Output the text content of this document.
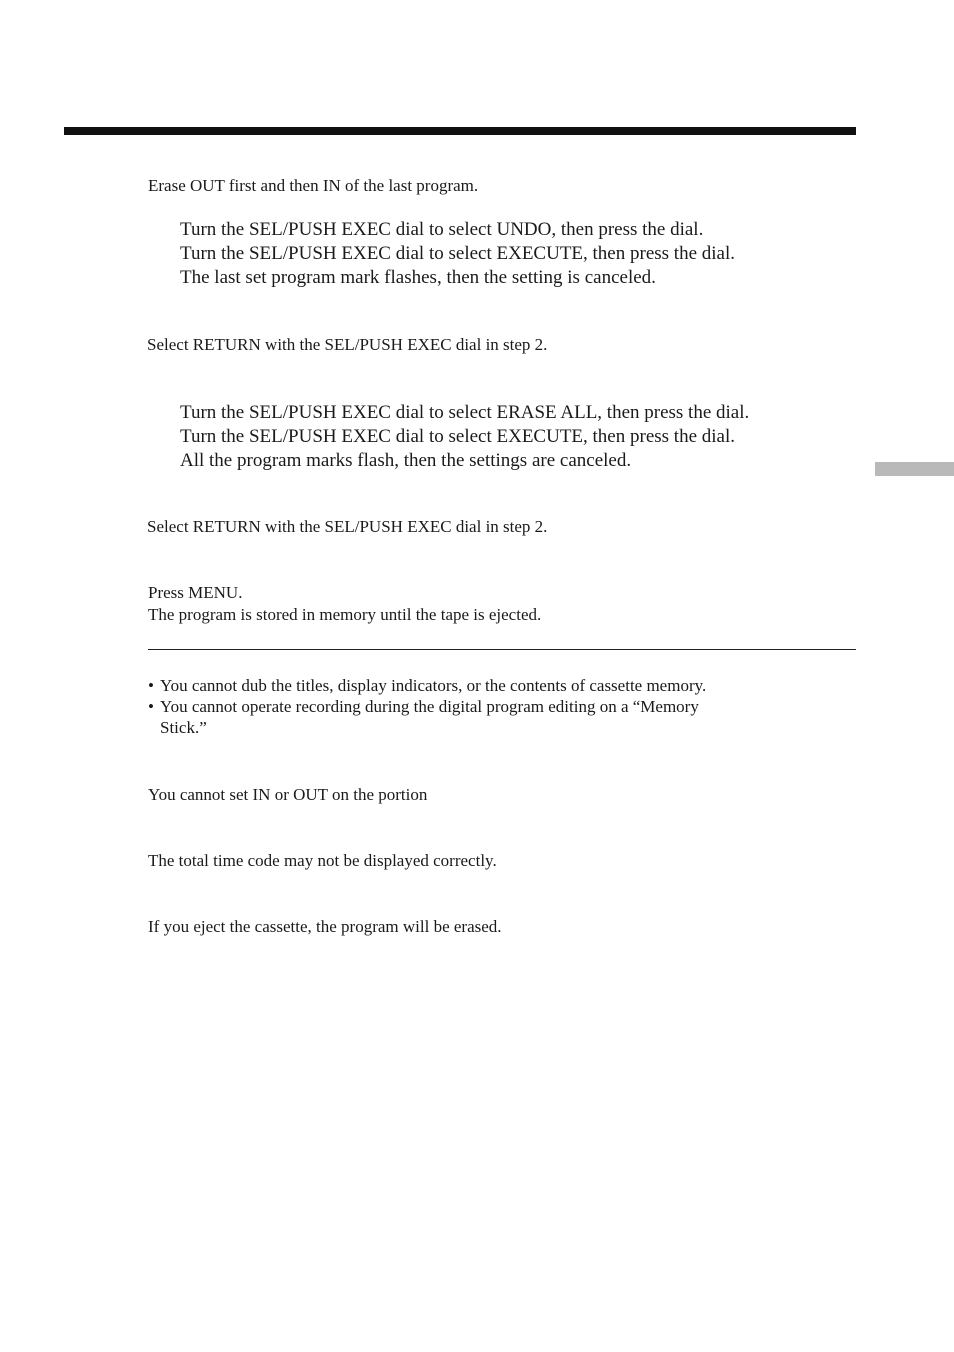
Erase OUT first and then IN of the last program.
Turn the SEL/PUSH EXEC dial to select UNDO, then press the dial.
Turn the SEL/PUSH EXEC dial to select EXECUTE, then press the dial.
The last set program mark flashes, then the setting is canceled.
Select RETURN with the SEL/PUSH EXEC dial in step 2.
Turn the SEL/PUSH EXEC dial to select ERASE ALL, then press the dial.
Turn the SEL/PUSH EXEC dial to select EXECUTE, then press the dial.
All the program marks flash, then the settings are canceled.
Select RETURN with the SEL/PUSH EXEC dial in step 2.
Press MENU.
The program is stored in memory until the tape is ejected.
• You cannot dub the titles, display indicators, or the contents of cassette memory.
• You cannot operate recording during the digital program editing on a “Memory
Stick.”
You cannot set IN or OUT on the portion
The total time code may not be displayed correctly.
If you eject the cassette, the program will be erased.
